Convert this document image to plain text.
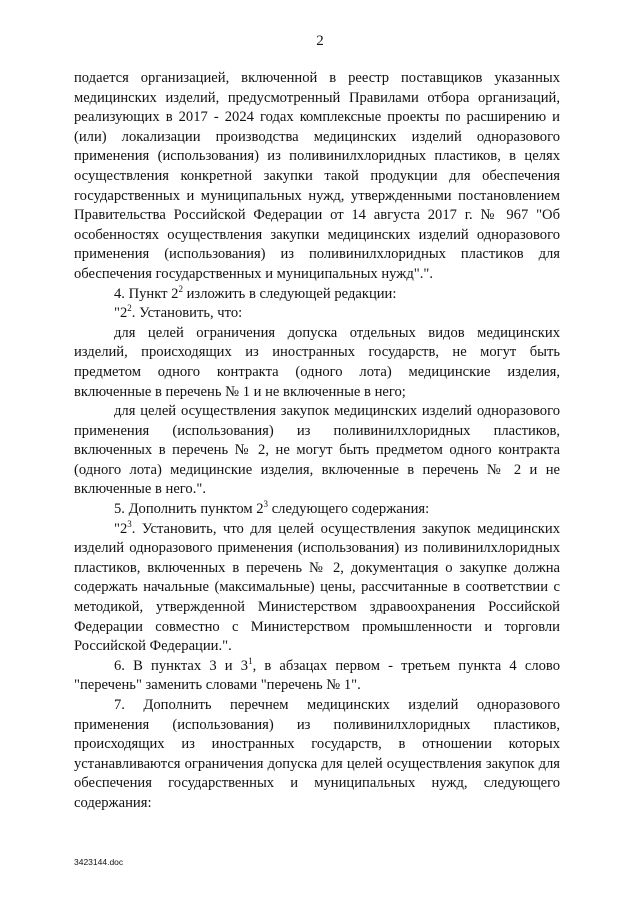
2

подается организацией, включенной в реестр поставщиков указанных медицинских изделий, предусмотренный Правилами отбора организаций, реализующих в 2017 - 2024 годах комплексные проекты по расширению и (или) локализации производства медицинских изделий одноразового применения (использования) из поливинилхлоридных пластиков, в целях осуществления конкретной закупки такой продукции для обеспечения государственных и муниципальных нужд, утвержденными постановлением Правительства Российской Федерации от 14 августа 2017 г. № 967 "Об особенностях осуществления закупки медицинских изделий одноразового применения (использования) из поливинилхлоридных пластиков для обеспечения государственных и муниципальных нужд".".

4. Пункт $2^2$ изложить в следующей редакции:

"$2^2$. Установить, что:

для целей ограничения допуска отдельных видов медицинских изделий, происходящих из иностранных государств, не могут быть предметом одного контракта (одного лота) медицинские изделия, включенные в перечень № 1 и не включенные в него;

для целей осуществления закупок медицинских изделий одноразового применения (использования) из поливинилхлоридных пластиков, включенных в перечень № 2, не могут быть предметом одного контракта (одного лота) медицинские изделия, включенные в перечень № 2 и не включенные в него.".

5. Дополнить пунктом $2^3$ следующего содержания:

"$2^3$. Установить, что для целей осуществления закупок медицинских изделий одноразового применения (использования) из поливинилхлоридных пластиков, включенных в перечень № 2, документация о закупке должна содержать начальные (максимальные) цены, рассчитанные в соответствии с методикой, утвержденной Министерством здравоохранения Российской Федерации совместно с Министерством промышленности и торговли Российской Федерации.".

6. В пунктах 3 и $3^1$, в абзацах первом - третьем пункта 4 слово "перечень" заменить словами "перечень № 1".

7. Дополнить перечнем медицинских изделий одноразового применения (использования) из поливинилхлоридных пластиков, происходящих из иностранных государств, в отношении которых устанавливаются ограничения допуска для целей осуществления закупок для обеспечения государственных и муниципальных нужд, следующего содержания:

3423144.doc
